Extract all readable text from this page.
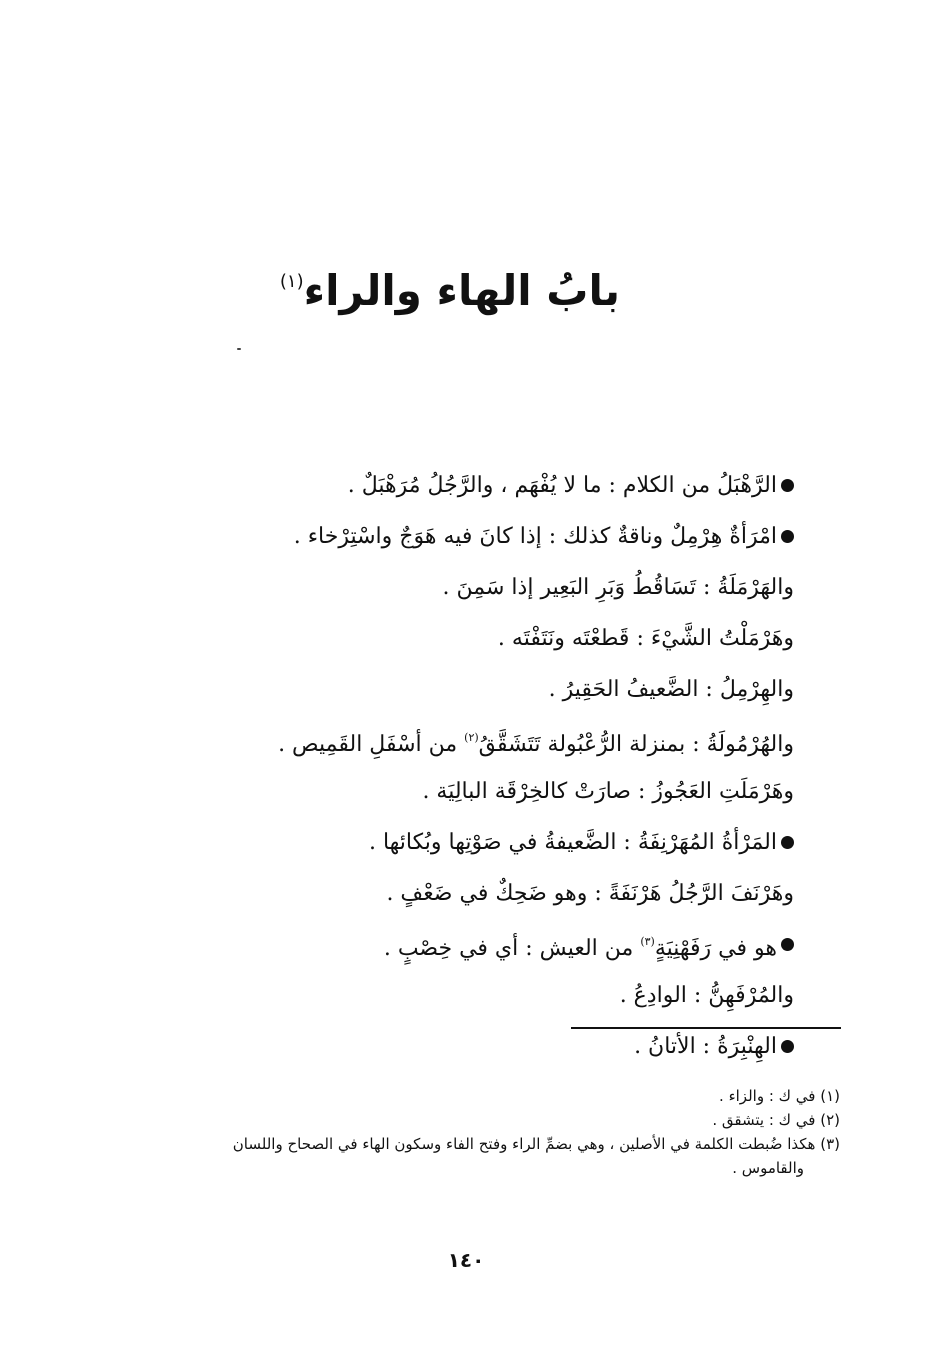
بابُ الهاء والراء$^{(١)}$
الرَّهْبَلُ من الكلام : ما لا يُفْهَم ، والرَّجُلُ مُرَهْبَلٌ .
امْرَأةٌ هِرْمِلٌ وناقةٌ كذلك : إذا كانَ فيه هَوَجٌ واسْتِرْخاء .
والهَرْمَلَةُ : تَسَاقُطُ وَبَرِ البَعِير إذا سَمِنَ .
وهَرْمَلْتُ الشَّيْءَ : قَطعْتَه ونَتَفْتَه .
والهِرْمِلُ : الضَّعيفُ الحَقِيرُ .
والهُرْمُولَةُ : بمنزلة الرُّعْبُولة تَتَشَقَّقُ$^{(٢)}$ من أسْفَلِ القَمِيص .
وهَرْمَلَتِ العَجُوزُ : صارَتْ كالخِرْقَة البالِيَة .
المَرْأةُ المُهَرْنِفَةُ : الضَّعيفةُ في صَوْتِها وبُكائها .
وهَرْنَفَ الرَّجُلُ هَرْنَفَةً : وهو ضَحِكٌ في ضَعْفٍ .
هو في رَفَهْنِيَةٍ$^{(٣)}$ من العيش : أي في خِصْبٍ .
والمُرْفَهِنُّ : الوادِعُ .
الهِنْبِرَةُ : الأتانُ .
(١) في ك : والزاء .
(٢) في ك : يتشقق .
(٣) هكذا ضُبطت الكلمة في الأصلين ، وهي بضمِّ الراء وفتح الفاء وسكون الهاء في الصحاح واللسان
والقاموس .
١٤٠
